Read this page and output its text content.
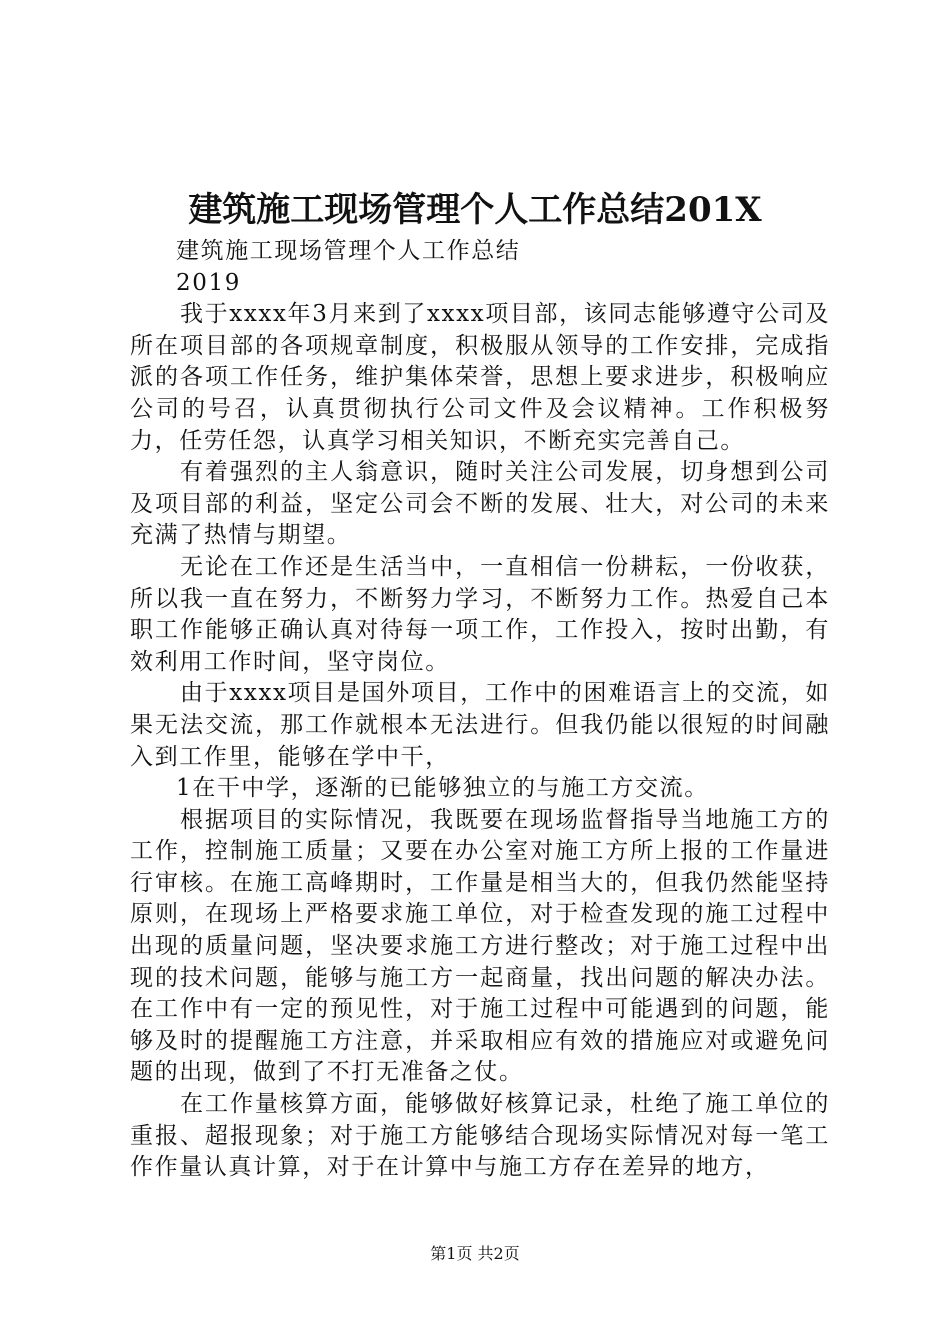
建筑施工现场管理个人工作总结201X

建筑施工现场管理个人工作总结

2019

我于xxxx年3月来到了xxxx项目部，该同志能够遵守公司及所在项目部的各项规章制度，积极服从领导的工作安排，完成指派的各项工作任务，维护集体荣誉，思想上要求进步，积极响应公司的号召，认真贯彻执行公司文件及会议精神。工作积极努力，任劳任怨，认真学习相关知识，不断充实完善自己。

有着强烈的主人翁意识，随时关注公司发展，切身想到公司及项目部的利益，坚定公司会不断的发展、壮大，对公司的未来充满了热情与期望。

无论在工作还是生活当中，一直相信一份耕耘，一份收获，所以我一直在努力，不断努力学习，不断努力工作。热爱自己本职工作能够正确认真对待每一项工作，工作投入，按时出勤，有效利用工作时间，坚守岗位。

由于xxxx项目是国外项目，工作中的困难语言上的交流，如果无法交流，那工作就根本无法进行。但我仍能以很短的时间融入到工作里，能够在学中干，

1在干中学，逐渐的已能够独立的与施工方交流。

根据项目的实际情况，我既要在现场监督指导当地施工方的工作，控制施工质量；又要在办公室对施工方所上报的工作量进行审核。在施工高峰期时，工作量是相当大的，但我仍然能坚持原则，在现场上严格要求施工单位，对于检查发现的施工过程中出现的质量问题，坚决要求施工方进行整改；对于施工过程中出现的技术问题，能够与施工方一起商量，找出问题的解决办法。在工作中有一定的预见性，对于施工过程中可能遇到的问题，能够及时的提醒施工方注意，并采取相应有效的措施应对或避免问题的出现，做到了不打无准备之仗。

在工作量核算方面，能够做好核算记录，杜绝了施工单位的重报、超报现象；对于施工方能够结合现场实际情况对每一笔工作作量认真计算，对于在计算中与施工方存在差异的地方，

第1页 共2页
